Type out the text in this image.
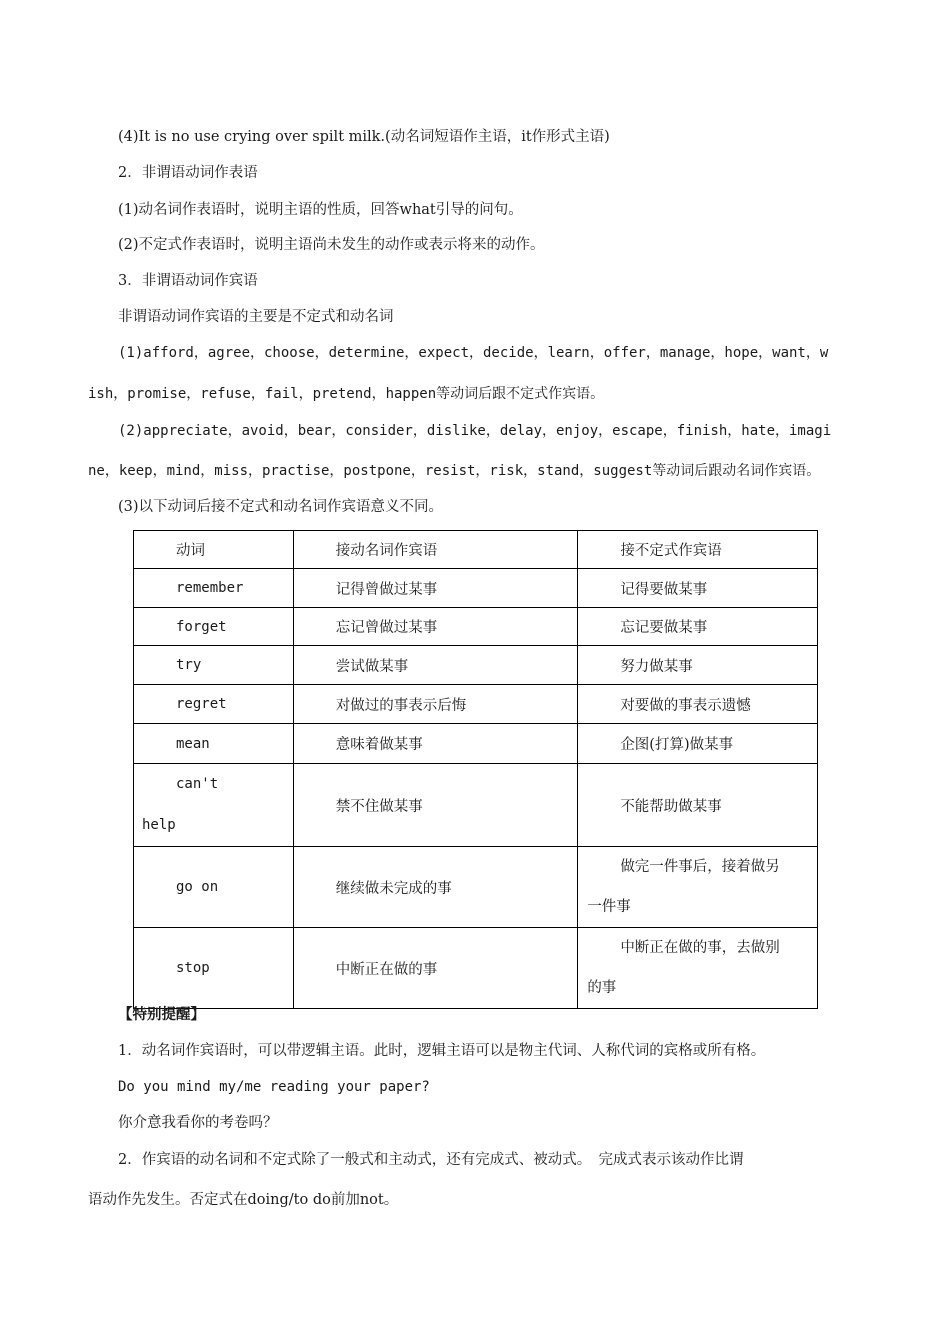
(4)It is no use crying over spilt milk.(动名词短语作主语，it作形式主语)
2．非谓语动词作表语
(1)动名词作表语时，说明主语的性质，回答what引导的问句。
(2)不定式作表语时，说明主语尚未发生的动作或表示将来的动作。
3．非谓语动词作宾语
非谓语动词作宾语的主要是不定式和动名词
(1)afford，agree，choose，determine，expect，decide，learn，offer，manage，hope，want，w
ish，promise，refuse，fail，pretend，happen等动词后跟不定式作宾语。
(2)appreciate，avoid，bear，consider，dislike，delay，enjoy，escape，finish，hate，imagi
ne，keep，mind，miss，practise，postpone，resist，risk，stand，suggest等动词后跟动名词作宾语。
(3)以下动词后接不定式和动名词作宾语意义不同。
动词	接动名词作宾语	接不定式作宾语
remember	记得曾做过某事	记得要做某事
forget	忘记曾做过某事	忘记要做某事
try	尝试做某事	努力做某事
regret	对做过的事表示后悔	对要做的事表示遗憾
mean	意味着做某事	企图(打算)做某事

can't
help	禁不住做某事	不能帮助做某事
go on	继续做未完成的事	做完一件事后，接着做另
一件事
stop	中断正在做的事	中断正在做的事，去做别
的事
【特别提醒】
1．动名词作宾语时，可以带逻辑主语。此时，逻辑主语可以是物主代词、人称代词的宾格或所有格。
Do you mind my/me reading your paper?
你介意我看你的考卷吗？
2．作宾语的动名词和不定式除了一般式和主动式，还有完成式、被动式。　完成式表示该动作比谓
语动作先发生。否定式在doing/to do前加not。
